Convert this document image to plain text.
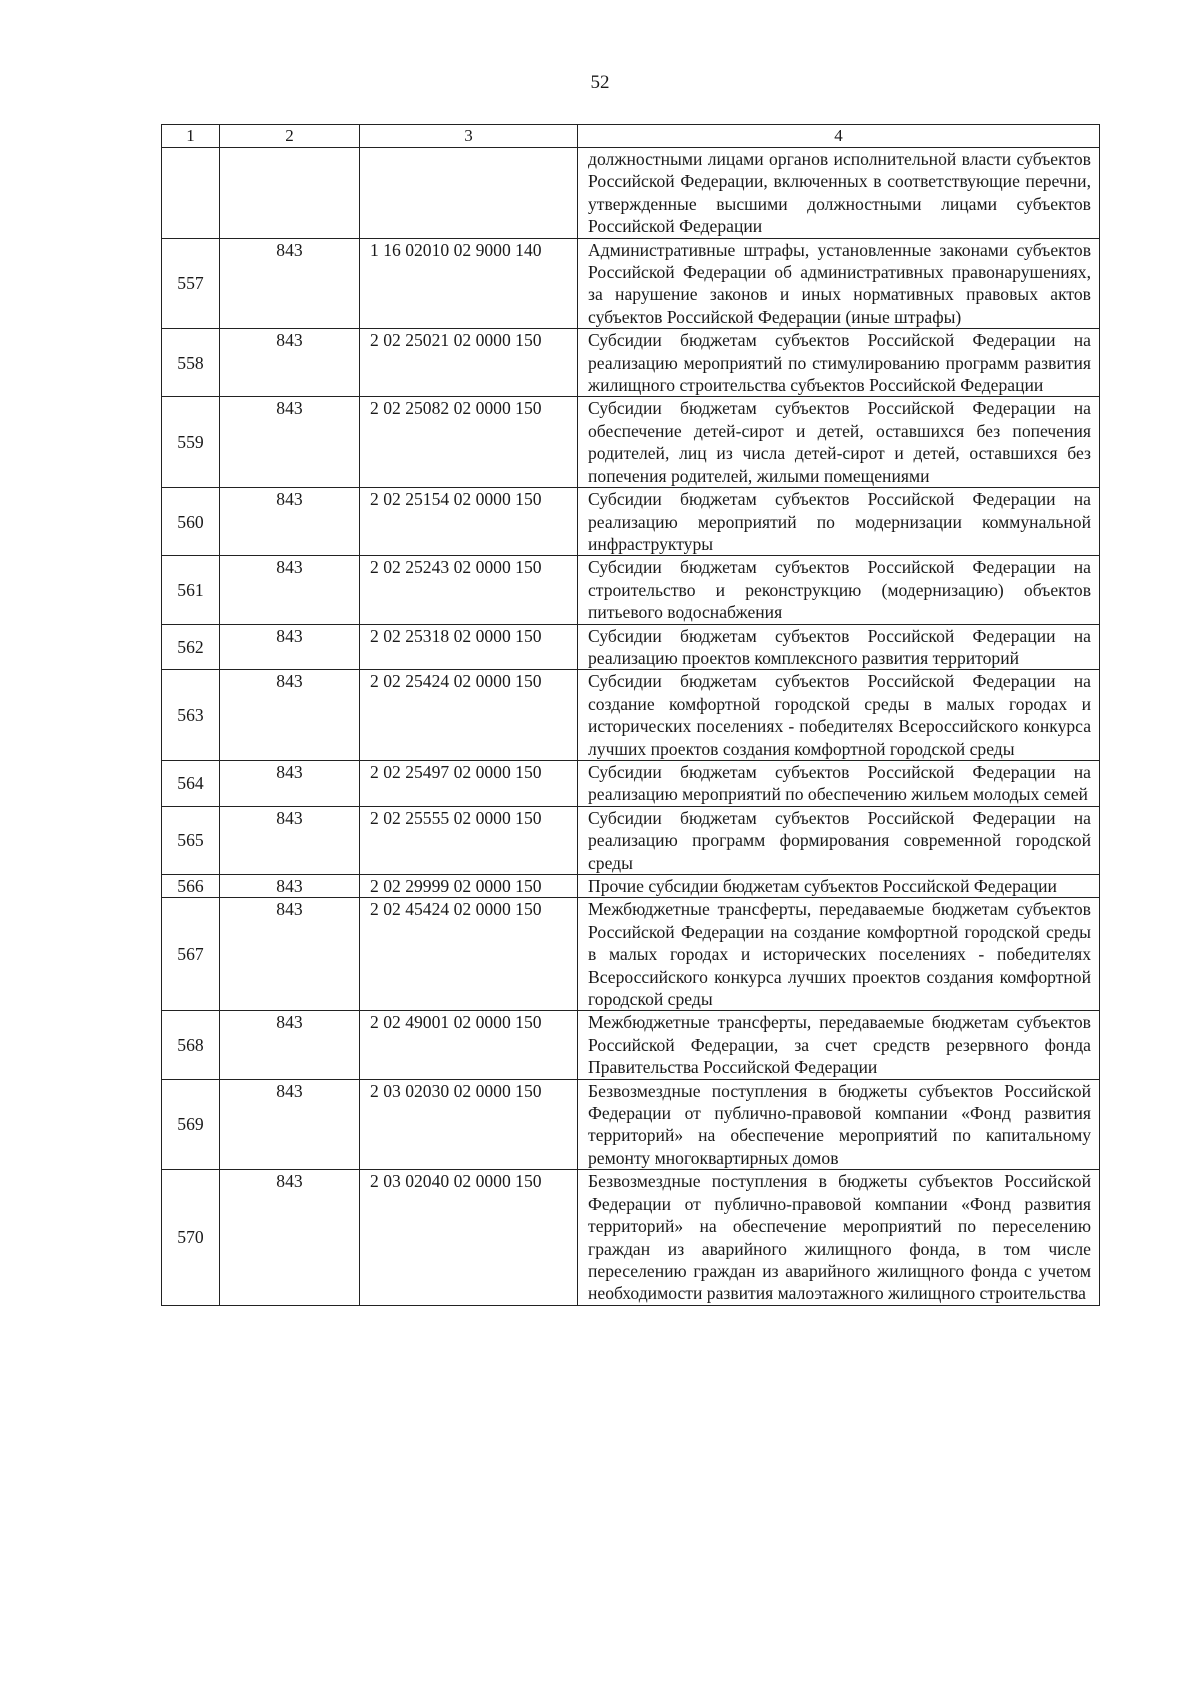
52
1	2	3	4
			должностными лицами органов исполнительной власти субъектов Российской Федерации, включенных в соответствующие перечни, утвержденные высшими должностными лицами субъектов Российской Федерации
557	843	1 16 02010 02 9000 140	Административные штрафы, установленные законами субъектов Российской Федерации об административных правонарушениях, за нарушение законов и иных нормативных правовых актов субъектов Российской Федерации (иные штрафы)
558	843	2 02 25021 02 0000 150	Субсидии бюджетам субъектов Российской Федерации на реализацию мероприятий по стимулированию программ развития жилищного строительства субъектов Российской Федерации
559	843	2 02 25082 02 0000 150	Субсидии бюджетам субъектов Российской Федерации на обеспечение детей-сирот и детей, оставшихся без попечения родителей, лиц из числа детей-сирот и детей, оставшихся без попечения родителей, жилыми помещениями
560	843	2 02 25154 02 0000 150	Субсидии бюджетам субъектов Российской Федерации на реализацию мероприятий по модернизации коммунальной инфраструктуры
561	843	2 02 25243 02 0000 150	Субсидии бюджетам субъектов Российской Федерации на строительство и реконструкцию (модернизацию) объектов питьевого водоснабжения
562	843	2 02 25318 02 0000 150	Субсидии бюджетам субъектов Российской Федерации на реализацию проектов комплексного развития территорий
563	843	2 02 25424 02 0000 150	Субсидии бюджетам субъектов Российской Федерации на создание комфортной городской среды в малых городах и исторических поселениях - победителях Всероссийского конкурса лучших проектов создания комфортной городской среды
564	843	2 02 25497 02 0000 150	Субсидии бюджетам субъектов Российской Федерации на реализацию мероприятий по обеспечению жильем молодых семей
565	843	2 02 25555 02 0000 150	Субсидии бюджетам субъектов Российской Федерации на реализацию программ формирования современной городской среды
566	843	2 02 29999 02 0000 150	Прочие субсидии бюджетам субъектов Российской Федерации
567	843	2 02 45424 02 0000 150	Межбюджетные трансферты, передаваемые бюджетам субъектов Российской Федерации на создание комфортной городской среды в малых городах и исторических поселениях - победителях Всероссийского конкурса лучших проектов создания комфортной городской среды
568	843	2 02 49001 02 0000 150	Межбюджетные трансферты, передаваемые бюджетам субъектов Российской Федерации, за счет средств резервного фонда Правительства Российской Федерации
569	843	2 03 02030 02 0000 150	Безвозмездные поступления в бюджеты субъектов Российской Федерации от публично-правовой компании «Фонд развития территорий» на обеспечение мероприятий по капитальному ремонту многоквартирных домов
570	843	2 03 02040 02 0000 150	Безвозмездные поступления в бюджеты субъектов Российской Федерации от публично-правовой компании «Фонд развития территорий» на обеспечение мероприятий по переселению граждан из аварийного жилищного фонда, в том числе переселению граждан из аварийного жилищного фонда с учетом необходимости развития малоэтажного жилищного строительства
